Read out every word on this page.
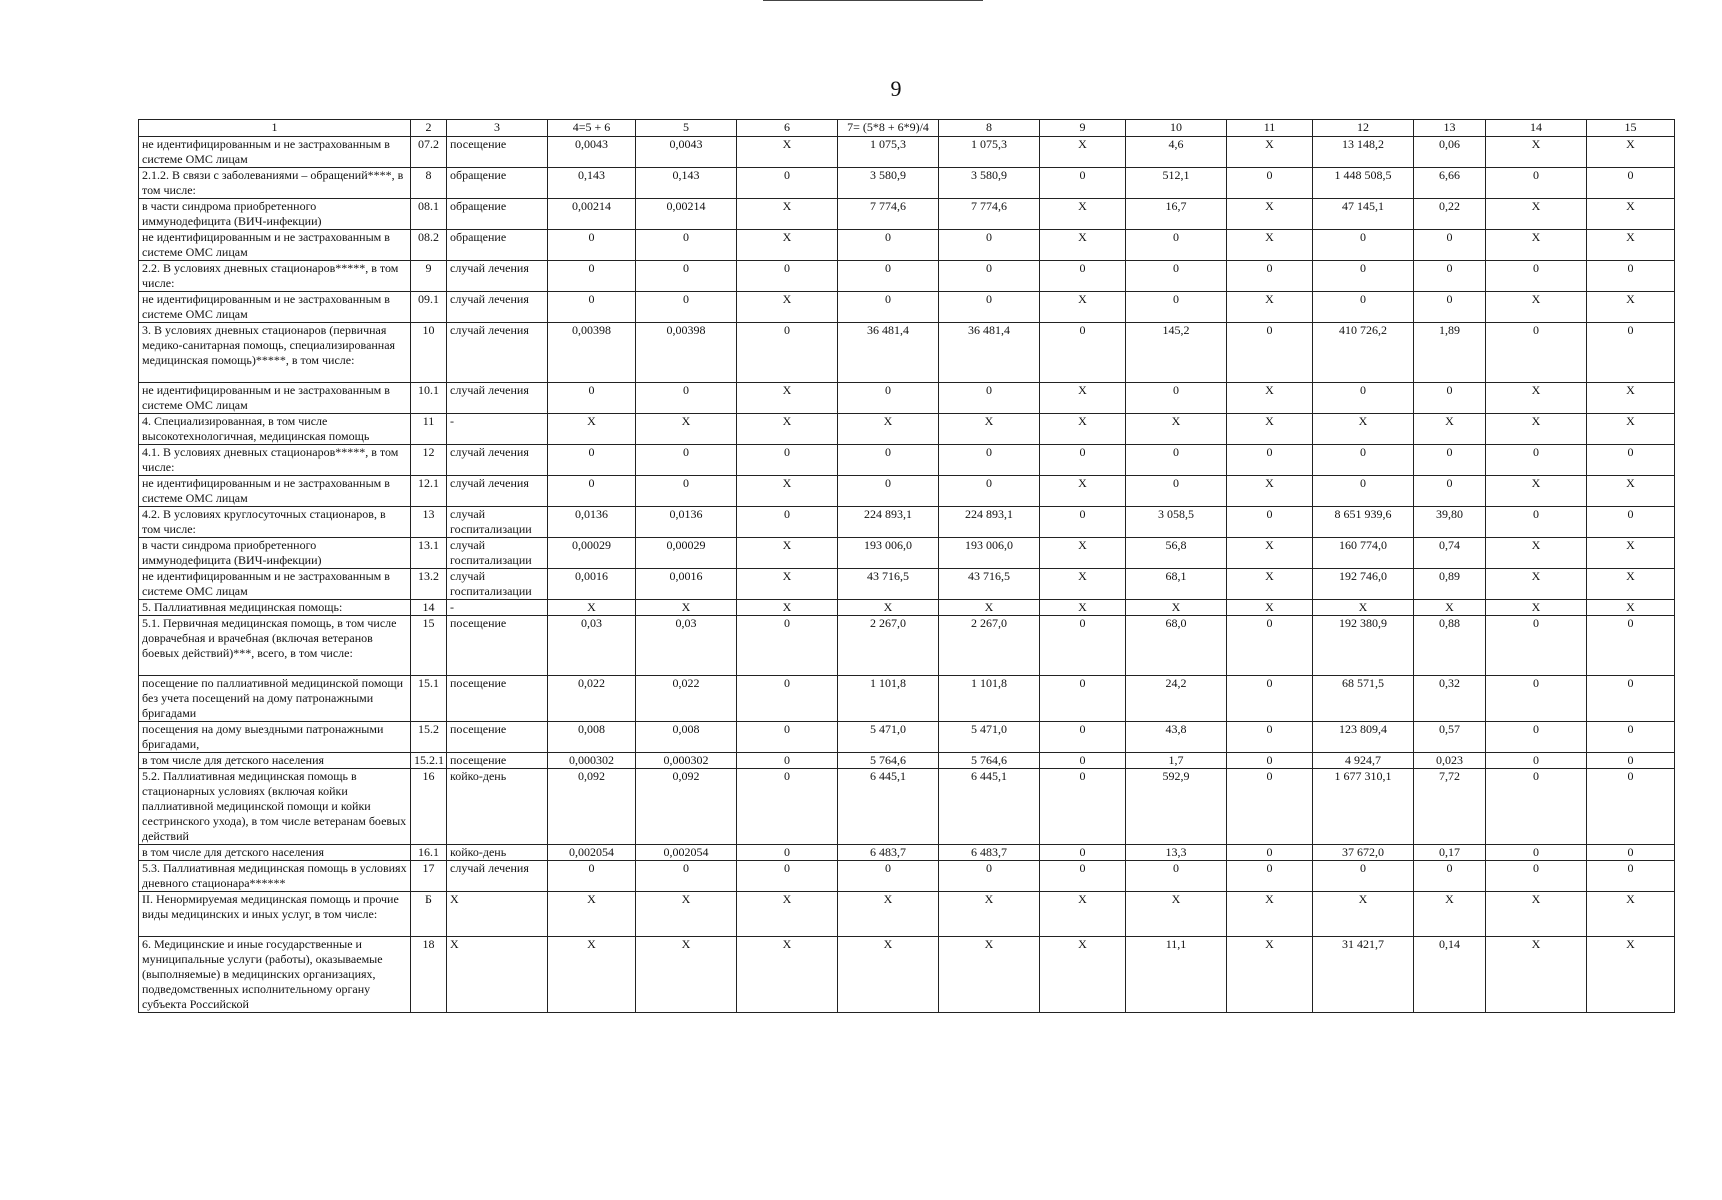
9
1	2	3	4=5 + 6	5	6	7= (5*8 + 6*9)/4	8	9	10	11	12	13	14	15
не идентифицированным и не застрахованным в системе ОМС лицам	07.2	посещение	0,0043	0,0043	X	1 075,3	1 075,3	X	4,6	X	13 148,2	0,06	X	X
2.1.2. В связи с заболеваниями – обращений****, в том числе:	8	обращение	0,143	0,143	0	3 580,9	3 580,9	0	512,1	0	1 448 508,5	6,66	0	0
в части синдрома приобретенного иммунодефицита (ВИЧ-инфекции)	08.1	обращение	0,00214	0,00214	X	7 774,6	7 774,6	X	16,7	X	47 145,1	0,22	X	X
не идентифицированным и не застрахованным в системе ОМС лицам	08.2	обращение	0	0	X	0	0	X	0	X	0	0	X	X
2.2. В условиях дневных стационаров*****, в том числе:	9	случай лечения	0	0	0	0	0	0	0	0	0	0	0	0
не идентифицированным и не застрахованным в системе ОМС лицам	09.1	случай лечения	0	0	X	0	0	X	0	X	0	0	X	X
3. В условиях дневных стационаров (первичная медико-санитарная помощь, специализированная медицинская помощь)*****, в том числе:	10	случай лечения	0,00398	0,00398	0	36 481,4	36 481,4	0	145,2	0	410 726,2	1,89	0	0
не идентифицированным и не застрахованным в системе ОМС лицам	10.1	случай лечения	0	0	X	0	0	X	0	X	0	0	X	X
4. Специализированная, в том числе высокотехнологичная, медицинская помощь	11	-	X	X	X	X	X	X	X	X	X	X	X	X
4.1. В условиях дневных стационаров*****, в том числе:	12	случай лечения	0	0	0	0	0	0	0	0	0	0	0	0
не идентифицированным и не застрахованным в системе ОМС лицам	12.1	случай лечения	0	0	X	0	0	X	0	X	0	0	X	X
4.2. В условиях круглосуточных стационаров, в том числе:	13	случай госпитализации	0,0136	0,0136	0	224 893,1	224 893,1	0	3 058,5	0	8 651 939,6	39,80	0	0
в части синдрома приобретенного иммунодефицита (ВИЧ-инфекции)	13.1	случай госпитализации	0,00029	0,00029	X	193 006,0	193 006,0	X	56,8	X	160 774,0	0,74	X	X
не идентифицированным и не застрахованным в системе ОМС лицам	13.2	случай госпитализации	0,0016	0,0016	X	43 716,5	43 716,5	X	68,1	X	192 746,0	0,89	X	X
5. Паллиативная медицинская помощь:	14	-	X	X	X	X	X	X	X	X	X	X	X	X
5.1. Первичная медицинская помощь, в том числе доврачебная и врачебная (включая ветеранов боевых действий)***, всего, в том числе:	15	посещение	0,03	0,03	0	2 267,0	2 267,0	0	68,0	0	192 380,9	0,88	0	0
посещение по паллиативной медицинской помощи без учета посещений на дому патронажными бригадами	15.1	посещение	0,022	0,022	0	1 101,8	1 101,8	0	24,2	0	68 571,5	0,32	0	0
посещения на дому выездными патронажными бригадами,	15.2	посещение	0,008	0,008	0	5 471,0	5 471,0	0	43,8	0	123 809,4	0,57	0	0
в том числе для детского населения	15.2.1	посещение	0,000302	0,000302	0	5 764,6	5 764,6	0	1,7	0	4 924,7	0,023	0	0
5.2. Паллиативная медицинская помощь в стационарных условиях (включая койки паллиативной медицинской помощи и койки сестринского ухода), в том числе ветеранам боевых действий	16	койко-день	0,092	0,092	0	6 445,1	6 445,1	0	592,9	0	1 677 310,1	7,72	0	0
в том числе для детского населения	16.1	койко-день	0,002054	0,002054	0	6 483,7	6 483,7	0	13,3	0	37 672,0	0,17	0	0
5.3. Паллиативная медицинская помощь в условиях дневного стационара******	17	случай лечения	0	0	0	0	0	0	0	0	0	0	0	0
II. Ненормируемая медицинская помощь и прочие виды медицинских и иных услуг, в том числе:	Б	X	X	X	X	X	X	X	X	X	X	X	X	X
6. Медицинские и иные государственные и муниципальные услуги (работы), оказываемые (выполняемые) в медицинских организациях, подведомственных исполнительному органу субъекта Российской	18	X	X	X	X	X	X	X	11,1	X	31 421,7	0,14	X	X
